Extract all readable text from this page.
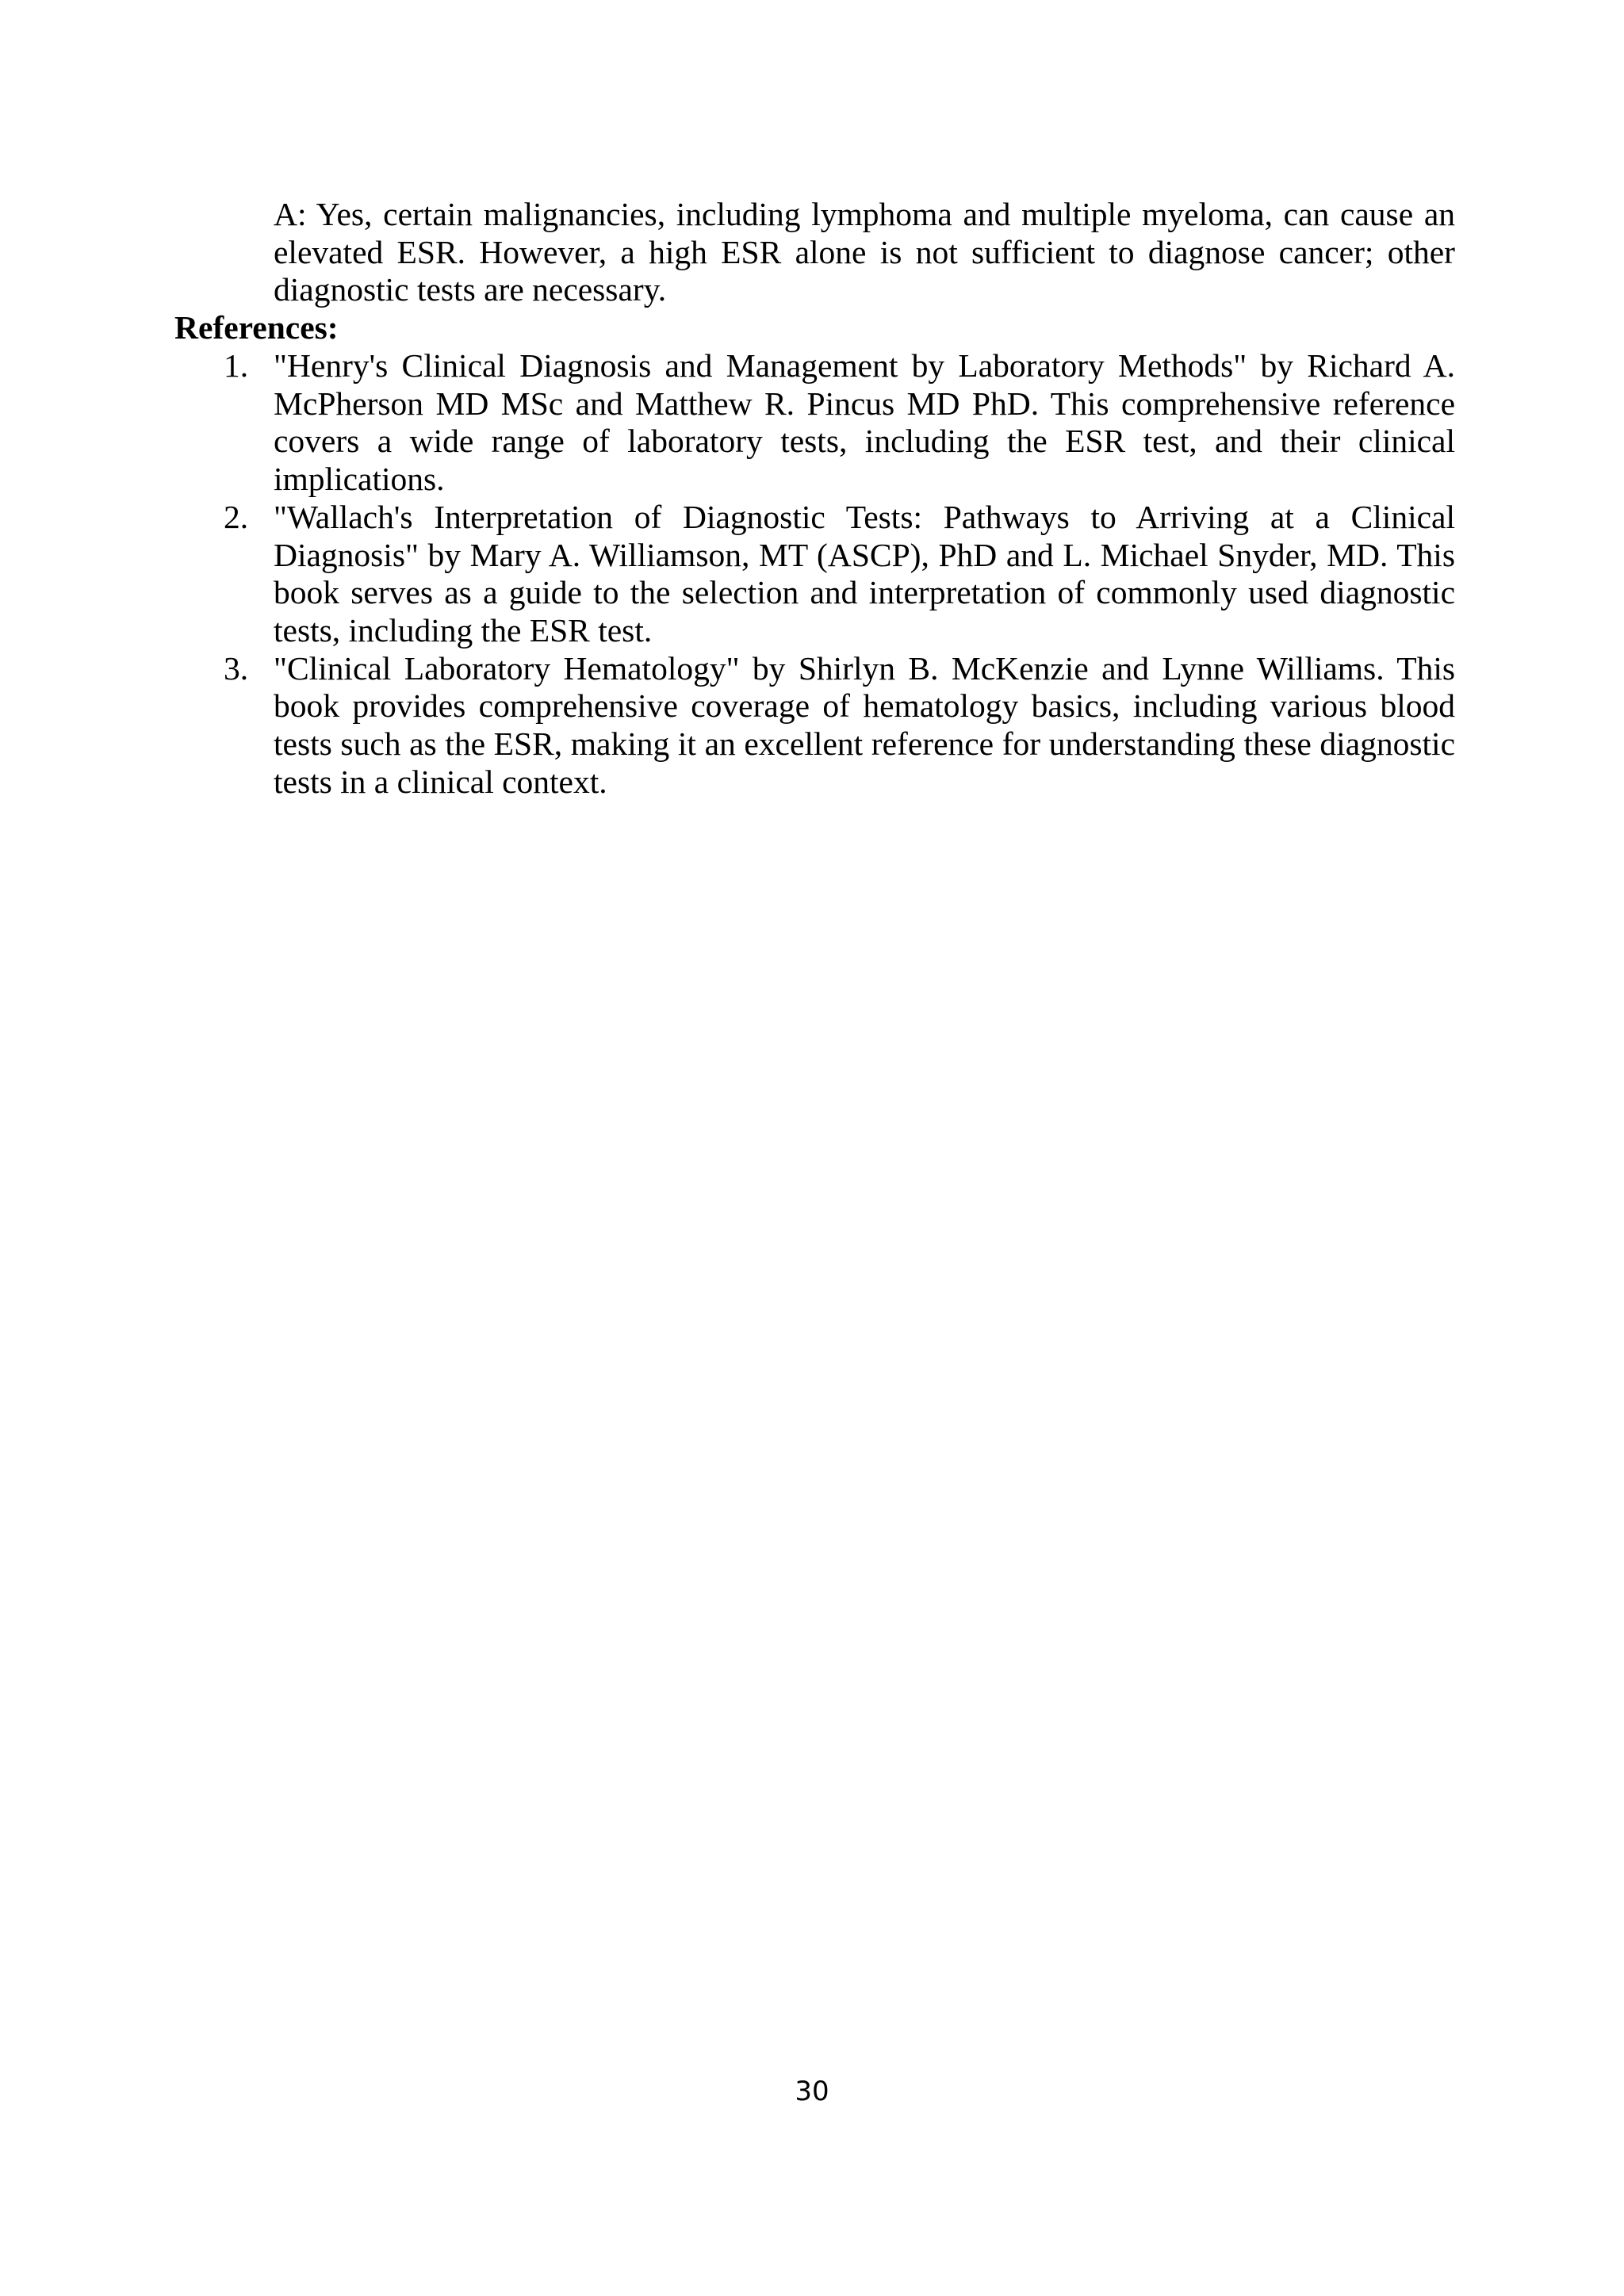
A: Yes, certain malignancies, including lymphoma and multiple myeloma, can cause an elevated ESR. However, a high ESR alone is not sufficient to diagnose cancer; other diagnostic tests are necessary.

References:

1. "Henry's Clinical Diagnosis and Management by Laboratory Methods" by Richard A. McPherson MD MSc and Matthew R. Pincus MD PhD. This comprehensive reference covers a wide range of laboratory tests, including the ESR test, and their clinical implications.
2. "Wallach's Interpretation of Diagnostic Tests: Pathways to Arriving at a Clinical Diagnosis" by Mary A. Williamson, MT (ASCP), PhD and L. Michael Snyder, MD. This book serves as a guide to the selection and interpretation of commonly used diagnostic tests, including the ESR test.
3. "Clinical Laboratory Hematology" by Shirlyn B. McKenzie and Lynne Williams. This book provides comprehensive coverage of hematology basics, including various blood tests such as the ESR, making it an excellent reference for understanding these diagnostic tests in a clinical context.
30
